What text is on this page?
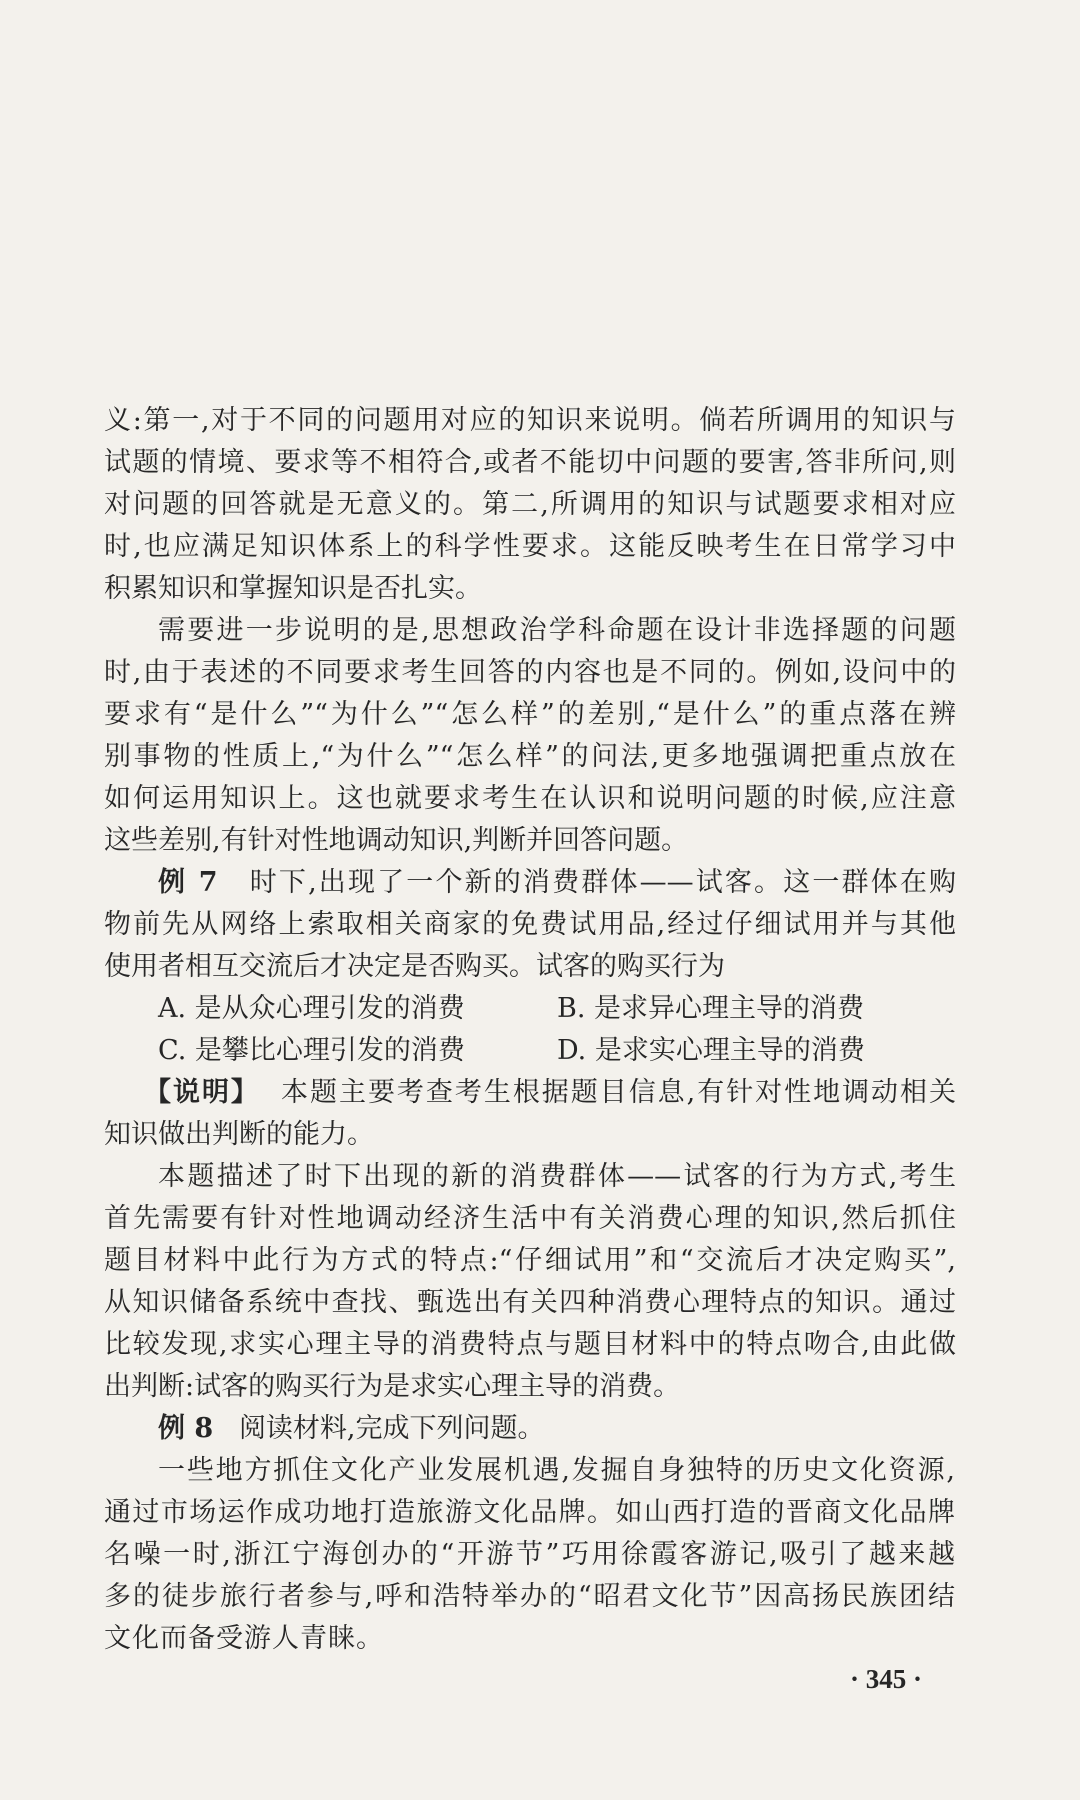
义:第一,对于不同的问题用对应的知识来说明。倘若所调用的知识与
试题的情境、要求等不相符合,或者不能切中问题的要害,答非所问,则
对问题的回答就是无意义的。第二,所调用的知识与试题要求相对应
时,也应满足知识体系上的科学性要求。这能反映考生在日常学习中
积累知识和掌握知识是否扎实。
需要进一步说明的是,思想政治学科命题在设计非选择题的问题
时,由于表述的不同要求考生回答的内容也是不同的。例如,设问中的
要求有“是什么”“为什么”“怎么样”的差别,“是什么”的重点落在辨
别事物的性质上,“为什么”“怎么样”的问法,更多地强调把重点放在
如何运用知识上。这也就要求考生在认识和说明问题的时候,应注意
这些差别,有针对性地调动知识,判断并回答问题。
例 7 时下,出现了一个新的消费群体——试客。这一群体在购
物前先从网络上索取相关商家的免费试用品,经过仔细试用并与其他
使用者相互交流后才决定是否购买。试客的购买行为
A. 是从众心理引发的消费	B. 是求异心理主导的消费
C. 是攀比心理引发的消费	D. 是求实心理主导的消费
【说明】 本题主要考查考生根据题目信息,有针对性地调动相关
知识做出判断的能力。
本题描述了时下出现的新的消费群体——试客的行为方式,考生
首先需要有针对性地调动经济生活中有关消费心理的知识,然后抓住
题目材料中此行为方式的特点:“仔细试用”和“交流后才决定购买”,
从知识储备系统中查找、甄选出有关四种消费心理特点的知识。通过
比较发现,求实心理主导的消费特点与题目材料中的特点吻合,由此做
出判断:试客的购买行为是求实心理主导的消费。
例 8 阅读材料,完成下列问题。
一些地方抓住文化产业发展机遇,发掘自身独特的历史文化资源,
通过市场运作成功地打造旅游文化品牌。如山西打造的晋商文化品牌
名噪一时,浙江宁海创办的“开游节”巧用徐霞客游记,吸引了越来越
多的徒步旅行者参与,呼和浩特举办的“昭君文化节”因高扬民族团结
文化而备受游人青睐。
· 345 ·
